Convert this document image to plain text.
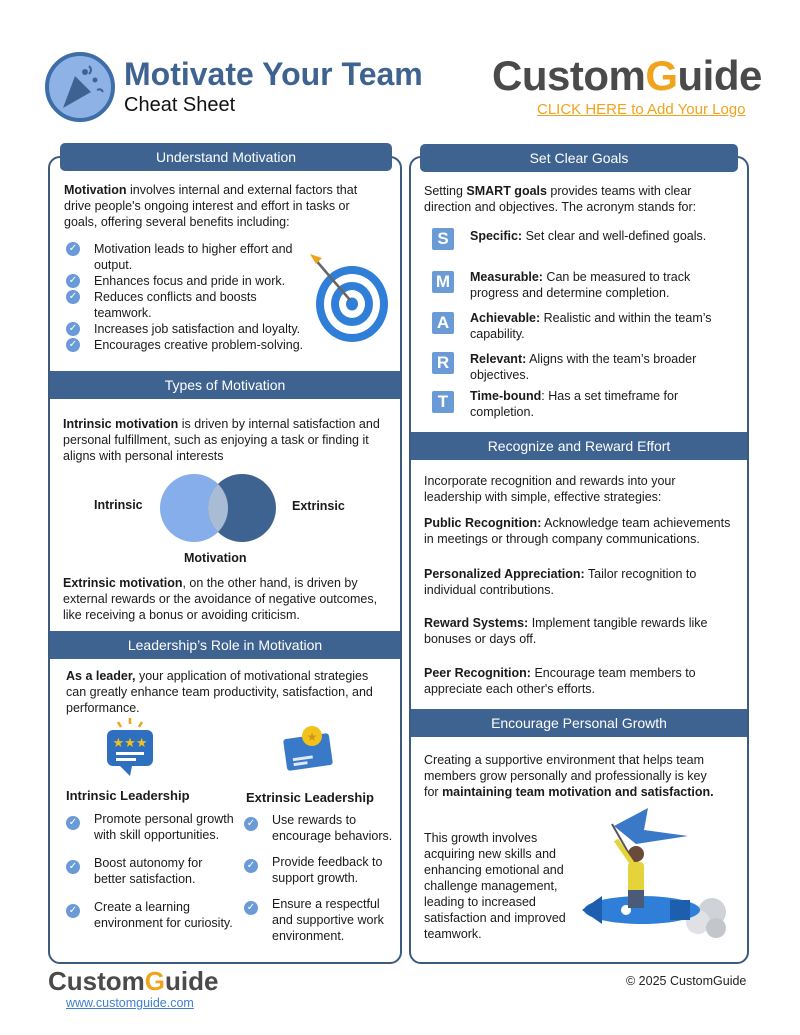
Motivate Your Team
Cheat Sheet
CustomGuide
CLICK HERE to Add Your Logo
Understand Motivation
Motivation involves internal and external factors that drive people's ongoing interest and effort in tasks or goals, offering several benefits including:
✓ Motivation leads to higher effort and output.
✓ Enhances focus and pride in work.
✓ Reduces conflicts and boosts teamwork.
✓ Increases job satisfaction and loyalty.
✓ Encourages creative problem-solving.
Types of Motivation
Intrinsic motivation is driven by internal satisfaction and personal fulfillment, such as enjoying a task or finding it aligns with personal interests
Intrinsic	Extrinsic
Motivation
Extrinsic motivation, on the other hand, is driven by external rewards or the avoidance of negative outcomes, like receiving a bonus or avoiding criticism.
Leadership’s Role in Motivation
As a leader, your application of motivational strategies can greatly enhance team productivity, satisfaction, and performance.
★★★	★
Intrinsic Leadership	Extrinsic Leadership
✓ Promote personal growth with skill opportunities.
✓ Boost autonomy for better satisfaction.
✓ Create a learning environment for curiosity.
✓ Use rewards to encourage behaviors.
✓ Provide feedback to support growth.
✓ Ensure a respectful and supportive work environment.
Set Clear Goals
Setting SMART goals provides teams with clear direction and objectives. The acronym stands for:
S	Specific: Set clear and well-defined goals.
M	Measurable: Can be measured to track progress and determine completion.
A	Achievable: Realistic and within the team’s capability.
R	Relevant: Aligns with the team’s broader objectives.
T	Time-bound: Has a set timeframe for completion.
Recognize and Reward Effort
Incorporate recognition and rewards into your leadership with simple, effective strategies:
Public Recognition: Acknowledge team achievements in meetings or through company communications.
Personalized Appreciation: Tailor recognition to individual contributions.
Reward Systems: Implement tangible rewards like bonuses or days off.
Peer Recognition: Encourage team members to appreciate each other's efforts.
Encourage Personal Growth
Creating a supportive environment that helps team members grow personally and professionally is key for maintaining team motivation and satisfaction.
This growth involves acquiring new skills and enhancing emotional and challenge management, leading to increased satisfaction and improved teamwork.
CustomGuide
www.customguide.com
© 2025 CustomGuide
